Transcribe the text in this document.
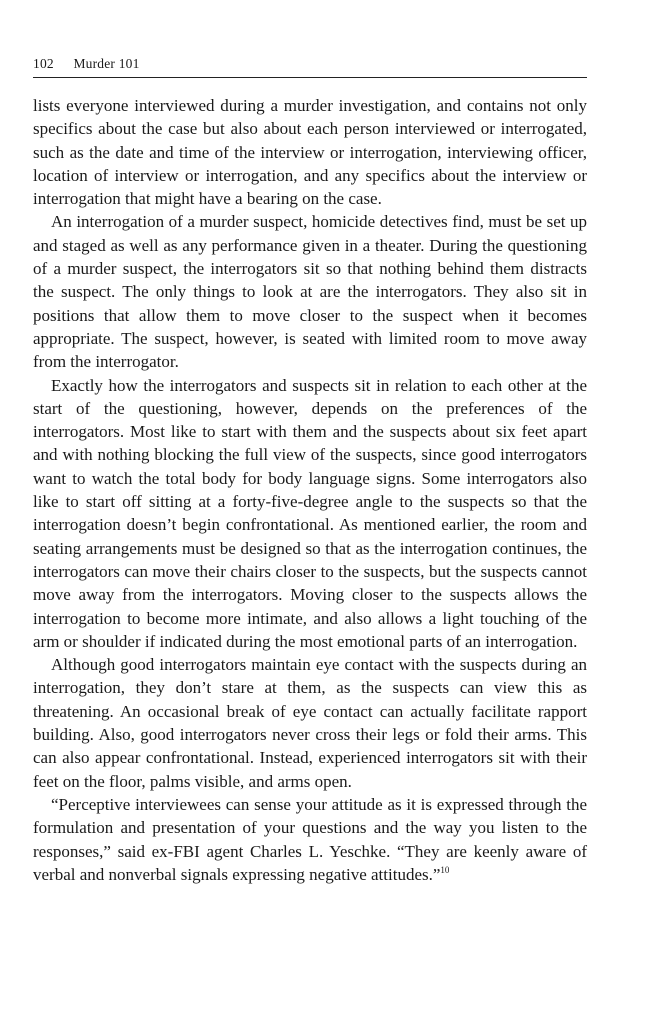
102 Murder 101

lists everyone interviewed during a murder investigation, and contains not only specifics about the case but also about each person interviewed or interrogated, such as the date and time of the interview or interrogation, interviewing officer, location of interview or interrogation, and any specifics about the interview or interrogation that might have a bearing on the case.

An interrogation of a murder suspect, homicide detectives find, must be set up and staged as well as any performance given in a theater. During the questioning of a murder suspect, the interrogators sit so that nothing behind them distracts the suspect. The only things to look at are the interrogators. They also sit in positions that allow them to move closer to the suspect when it becomes appropriate. The suspect, however, is seated with limited room to move away from the interrogator.

Exactly how the interrogators and suspects sit in relation to each other at the start of the questioning, however, depends on the preferences of the interrogators. Most like to start with them and the suspects about six feet apart and with nothing blocking the full view of the suspects, since good interrogators want to watch the total body for body language signs. Some interrogators also like to start off sitting at a forty-five-degree angle to the suspects so that the interrogation doesn’t begin confrontational. As mentioned earlier, the room and seating arrangements must be designed so that as the interrogation continues, the interrogators can move their chairs closer to the suspects, but the suspects cannot move away from the interrogators. Moving closer to the suspects allows the interrogation to become more intimate, and also allows a light touching of the arm or shoulder if indicated during the most emotional parts of an interrogation.

Although good interrogators maintain eye contact with the suspects during an interrogation, they don’t stare at them, as the suspects can view this as threatening. An occasional break of eye contact can actually facilitate rapport building. Also, good interrogators never cross their legs or fold their arms. This can also appear confrontational. Instead, experienced interrogators sit with their feet on the floor, palms visible, and arms open.

“Perceptive interviewees can sense your attitude as it is expressed through the formulation and presentation of your questions and the way you listen to the responses,” said ex-FBI agent Charles L. Yeschke. “They are keenly aware of verbal and nonverbal signals expressing negative attitudes.”$^{10}$
